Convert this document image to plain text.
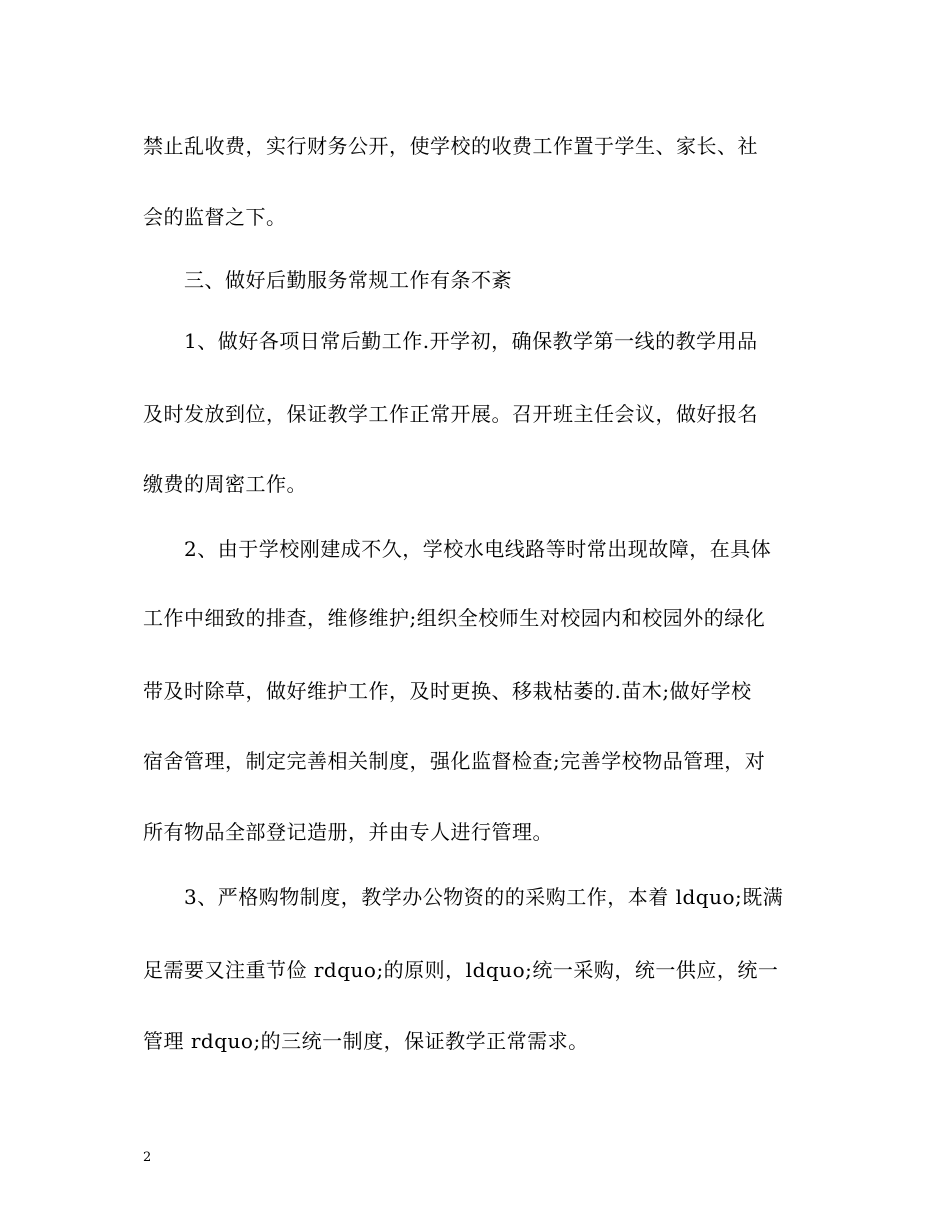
禁止乱收费，实行财务公开，使学校的收费工作置于学生、家长、社
会的监督之下。
三、做好后勤服务常规工作有条不紊
1、做好各项日常后勤工作.开学初，确保教学第一线的教学用品
及时发放到位，保证教学工作正常开展。召开班主任会议，做好报名
缴费的周密工作。
2、由于学校刚建成不久，学校水电线路等时常出现故障，在具体
工作中细致的排查，维修维护;组织全校师生对校园内和校园外的绿化
带及时除草，做好维护工作，及时更换、移栽枯萎的.苗木;做好学校
宿舍管理，制定完善相关制度，强化监督检查;完善学校物品管理，对
所有物品全部登记造册，并由专人进行管理。
3、严格购物制度，教学办公物资的的采购工作，本着 ldquo;既满
足需要又注重节俭 rdquo;的原则，ldquo;统一采购，统一供应，统一
管理 rdquo;的三统一制度，保证教学正常需求。
2
